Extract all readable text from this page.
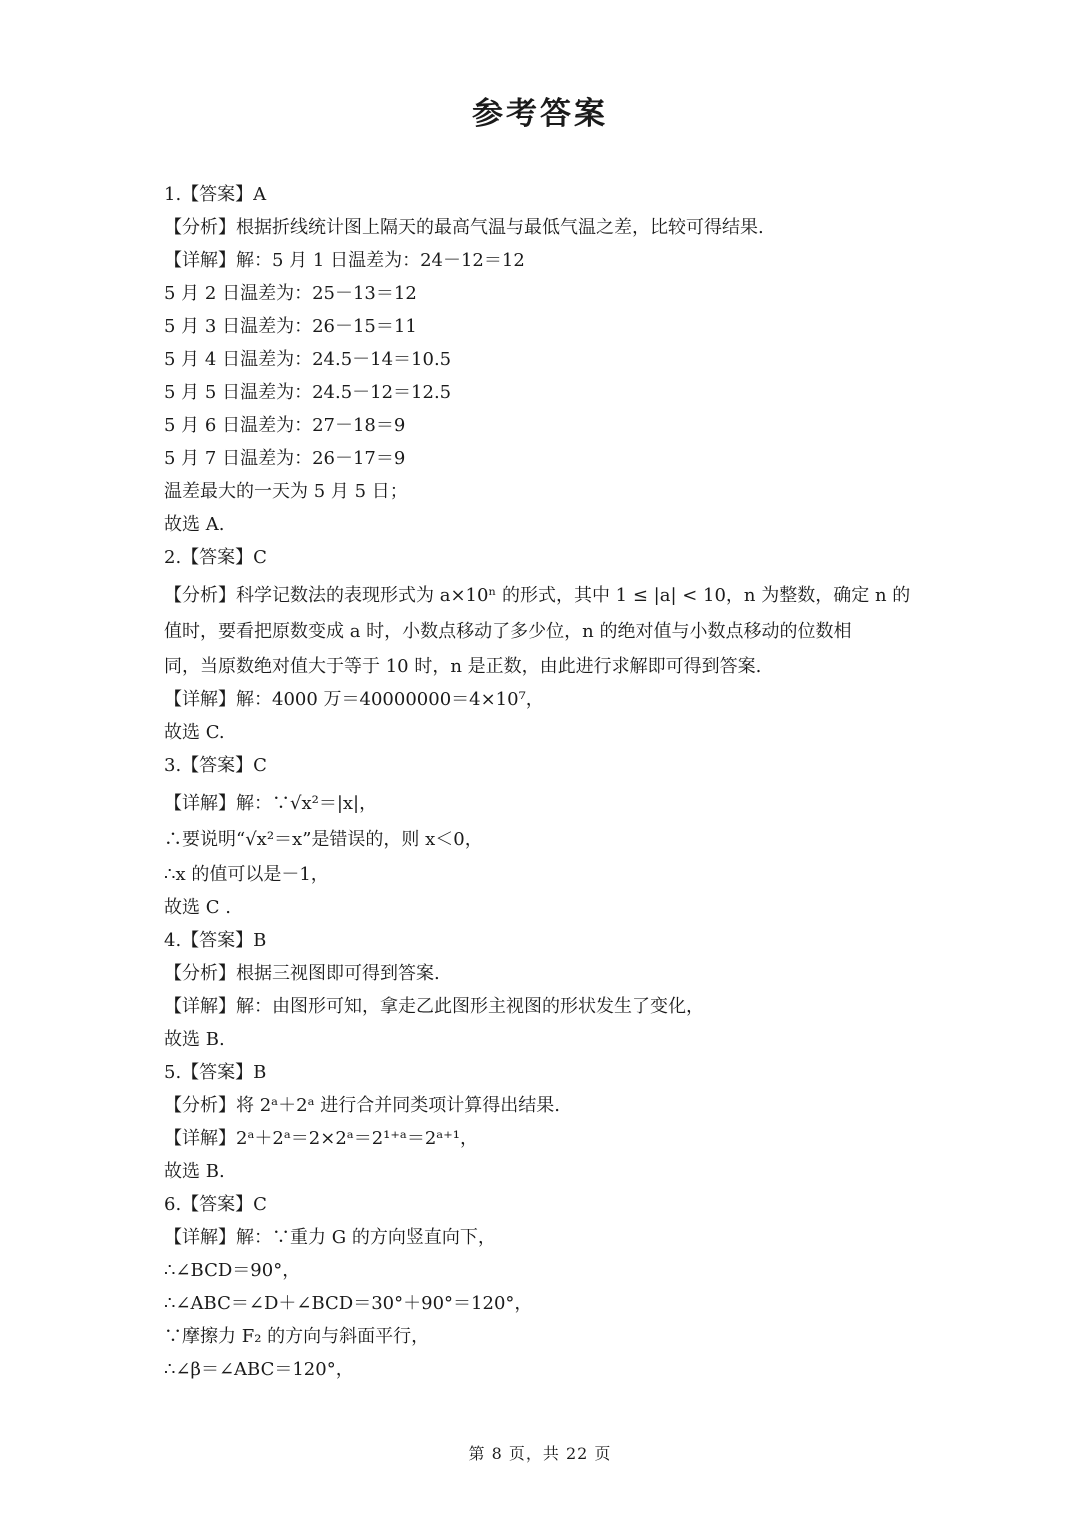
参考答案
1.【答案】A
【分析】根据折线统计图上隔天的最高气温与最低气温之差，比较可得结果.
【详解】解：5 月 1 日温差为：24－12＝12
5 月 2 日温差为：25－13＝12
5 月 3 日温差为：26－15＝11
5 月 4 日温差为：24.5－14＝10.5
5 月 5 日温差为：24.5－12＝12.5
5 月 6 日温差为：27－18＝9
5 月 7 日温差为：26－17＝9
温差最大的一天为 5 月 5 日；
故选 A.
2.【答案】C
【分析】科学记数法的表现形式为 a×10ⁿ 的形式，其中 1 ≤ |a| < 10，n 为整数，确定 n 的
值时，要看把原数变成 a 时，小数点移动了多少位，n 的绝对值与小数点移动的位数相
同，当原数绝对值大于等于 10 时，n 是正数，由此进行求解即可得到答案.
【详解】解：4000 万＝40000000＝4×10⁷，
故选 C.
3.【答案】C
【详解】解：∵√x²＝|x|，
∴要说明“√x²＝x”是错误的，则 x＜0，
∴x 的值可以是－1，
故选 C .
4.【答案】B
【分析】根据三视图即可得到答案.
【详解】解：由图形可知，拿走乙此图形主视图的形状发生了变化，
故选 B.
5.【答案】B
【分析】将 2ᵃ＋2ᵃ 进行合并同类项计算得出结果.
【详解】2ᵃ＋2ᵃ＝2×2ᵃ＝2¹⁺ᵃ＝2ᵃ⁺¹，
故选 B.
6.【答案】C
【详解】解：∵重力 G 的方向竖直向下，
∴∠BCD＝90°，
∴∠ABC＝∠D＋∠BCD＝30°＋90°＝120°，
∵摩擦力 F₂ 的方向与斜面平行，
∴∠β＝∠ABC＝120°，
第 8 页，共 22 页
